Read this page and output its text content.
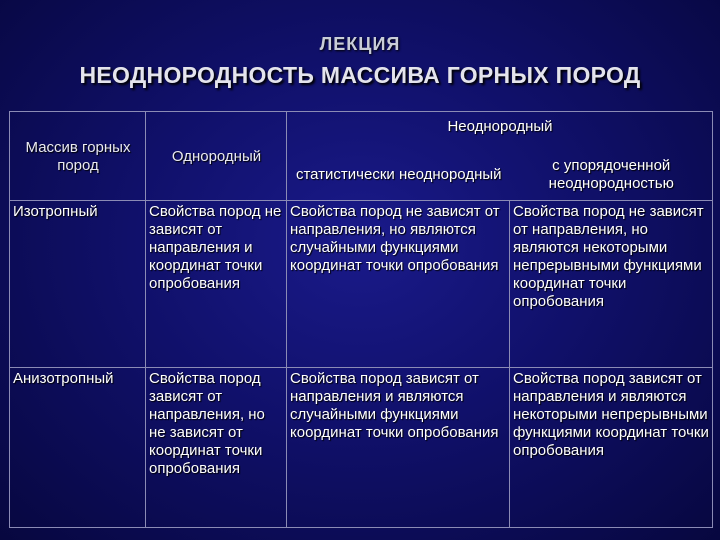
ЛЕКЦИЯ
НЕОДНОРОДНОСТЬ МАССИВА ГОРНЫХ ПОРОД
Массив горных пород	Однородный	Неоднородный	
		статистически неоднородный	с упорядоченной неоднородностью
Изотропный	Свойства пород не зависят от направления и координат точки опробования	Свойства пород не зависят от направления, но являются случайными функциями координат точки опробования	Свойства пород не зависят от направления, но являются некоторыми непрерывными функциями координат точки опробования
Анизотропный	Свойства пород зависят от направления, но не зависят от координат точки опробования	Свойства пород зависят от направления и являются случайными функциями координат точки опробования	Свойства пород зависят от направления и являются некоторыми непрерывными функциями координат точки опробования
